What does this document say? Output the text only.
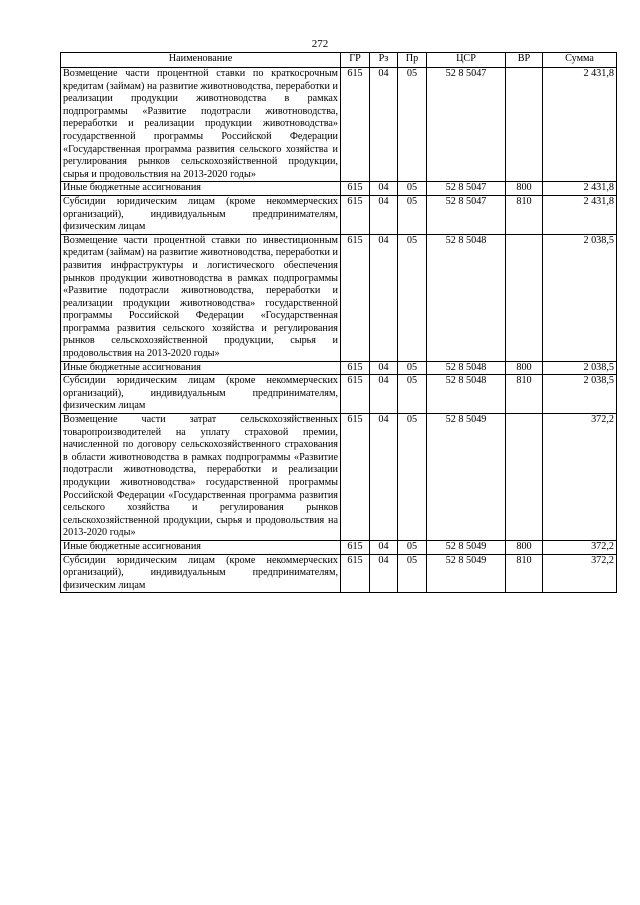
272
Наименование	ГР	Рз	Пр	ЦСР	ВР	Сумма
Возмещение части процентной ставки по краткосрочным кредитам (займам) на развитие животноводства, переработки и реализации продукции животноводства в рамках подпрограммы «Развитие подотрасли животноводства, переработки и реализации продукции животноводства» государственной программы Российской Федерации «Государственная программа развития сельского хозяйства и регулирования рынков сельскохозяйственной продукции, сырья и продовольствия на 2013-2020 годы»	615	04	05	52 8 5047		2 431,8
Иные бюджетные ассигнования	615	04	05	52 8 5047	800	2 431,8
Субсидии юридическим лицам (кроме некоммерческих организаций), индивидуальным предпринимателям, физическим лицам	615	04	05	52 8 5047	810	2 431,8
Возмещение части процентной ставки по инвестиционным кредитам (займам) на развитие животноводства, переработки и развития инфраструктуры и логистического обеспечения рынков продукции животноводства в рамках подпрограммы «Развитие подотрасли животноводства, переработки и реализации продукции животноводства» государственной программы Российской Федерации «Государственная программа развития сельского хозяйства и регулирования рынков сельскохозяйственной продукции, сырья и продовольствия на 2013-2020 годы»	615	04	05	52 8 5048		2 038,5
Иные бюджетные ассигнования	615	04	05	52 8 5048	800	2 038,5
Субсидии юридическим лицам (кроме некоммерческих организаций), индивидуальным предпринимателям, физическим лицам	615	04	05	52 8 5048	810	2 038,5
Возмещение части затрат сельскохозяйственных товаропроизводителей на уплату страховой премии, начисленной по договору сельскохозяйственного страхования в области животноводства в рамках подпрограммы «Развитие подотрасли животноводства, переработки и реализации продукции животноводства» государственной программы Российской Федерации «Государственная программа развития сельского хозяйства и регулирования рынков сельскохозяйственной продукции, сырья и продовольствия на 2013-2020 годы»	615	04	05	52 8 5049		372,2
Иные бюджетные ассигнования	615	04	05	52 8 5049	800	372,2
Субсидии юридическим лицам (кроме некоммерческих организаций), индивидуальным предпринимателям, физическим лицам	615	04	05	52 8 5049	810	372,2
